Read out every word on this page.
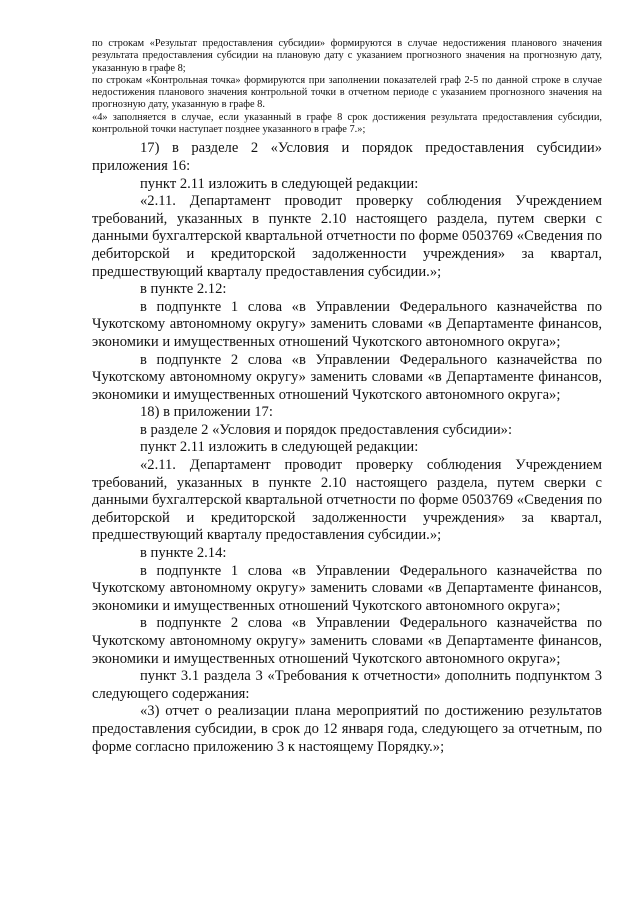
по строкам «Результат предоставления субсидии» формируются в случае недостижения планового значения результата предоставления субсидии на плановую дату с указанием прогнозного значения на прогнозную дату, указанную в графе 8;

по строкам «Контрольная точка» формируются при заполнении показателей граф 2-5 по данной строке в случае недостижения планового значения контрольной точки в отчетном периоде с указанием прогнозного значения на прогнозную дату, указанную в графе 8.

«4» заполняется в случае, если указанный в графе 8 срок достижения результата предоставления субсидии, контрольной точки наступает позднее указанного в графе 7.»;

17) в разделе 2 «Условия и порядок предоставления субсидии» приложения 16:

пункт 2.11 изложить в следующей редакции:

«2.11. Департамент проводит проверку соблюдения Учреждением требований, указанных в пункте 2.10 настоящего раздела, путем сверки с данными бухгалтерской квартальной отчетности по форме 0503769 «Сведения по дебиторской и кредиторской задолженности учреждения» за квартал, предшествующий кварталу предоставления субсидии.»;

в пункте 2.12:

в подпункте 1 слова «в Управлении Федерального казначейства по Чукотскому автономному округу» заменить словами «в Департаменте финансов, экономики и имущественных отношений Чукотского автономного округа»;

в подпункте 2 слова «в Управлении Федерального казначейства по Чукотскому автономному округу» заменить словами «в Департаменте финансов, экономики и имущественных отношений Чукотского автономного округа»;

18) в приложении 17:

в разделе 2 «Условия и порядок предоставления субсидии»:

пункт 2.11 изложить в следующей редакции:

«2.11. Департамент проводит проверку соблюдения Учреждением требований, указанных в пункте 2.10 настоящего раздела, путем сверки с данными бухгалтерской квартальной отчетности по форме 0503769 «Сведения по дебиторской и кредиторской задолженности учреждения» за квартал, предшествующий кварталу предоставления субсидии.»;

в пункте 2.14:

в подпункте 1 слова «в Управлении Федерального казначейства по Чукотскому автономному округу» заменить словами «в Департаменте финансов, экономики и имущественных отношений Чукотского автономного округа»;

в подпункте 2 слова «в Управлении Федерального казначейства по Чукотскому автономному округу» заменить словами «в Департаменте финансов, экономики и имущественных отношений Чукотского автономного округа»;

пункт 3.1 раздела 3 «Требования к отчетности» дополнить подпунктом 3 следующего содержания:

«3) отчет о реализации плана мероприятий по достижению результатов предоставления субсидии, в срок до 12 января года, следующего за отчетным, по форме согласно приложению 3 к настоящему Порядку.»;
